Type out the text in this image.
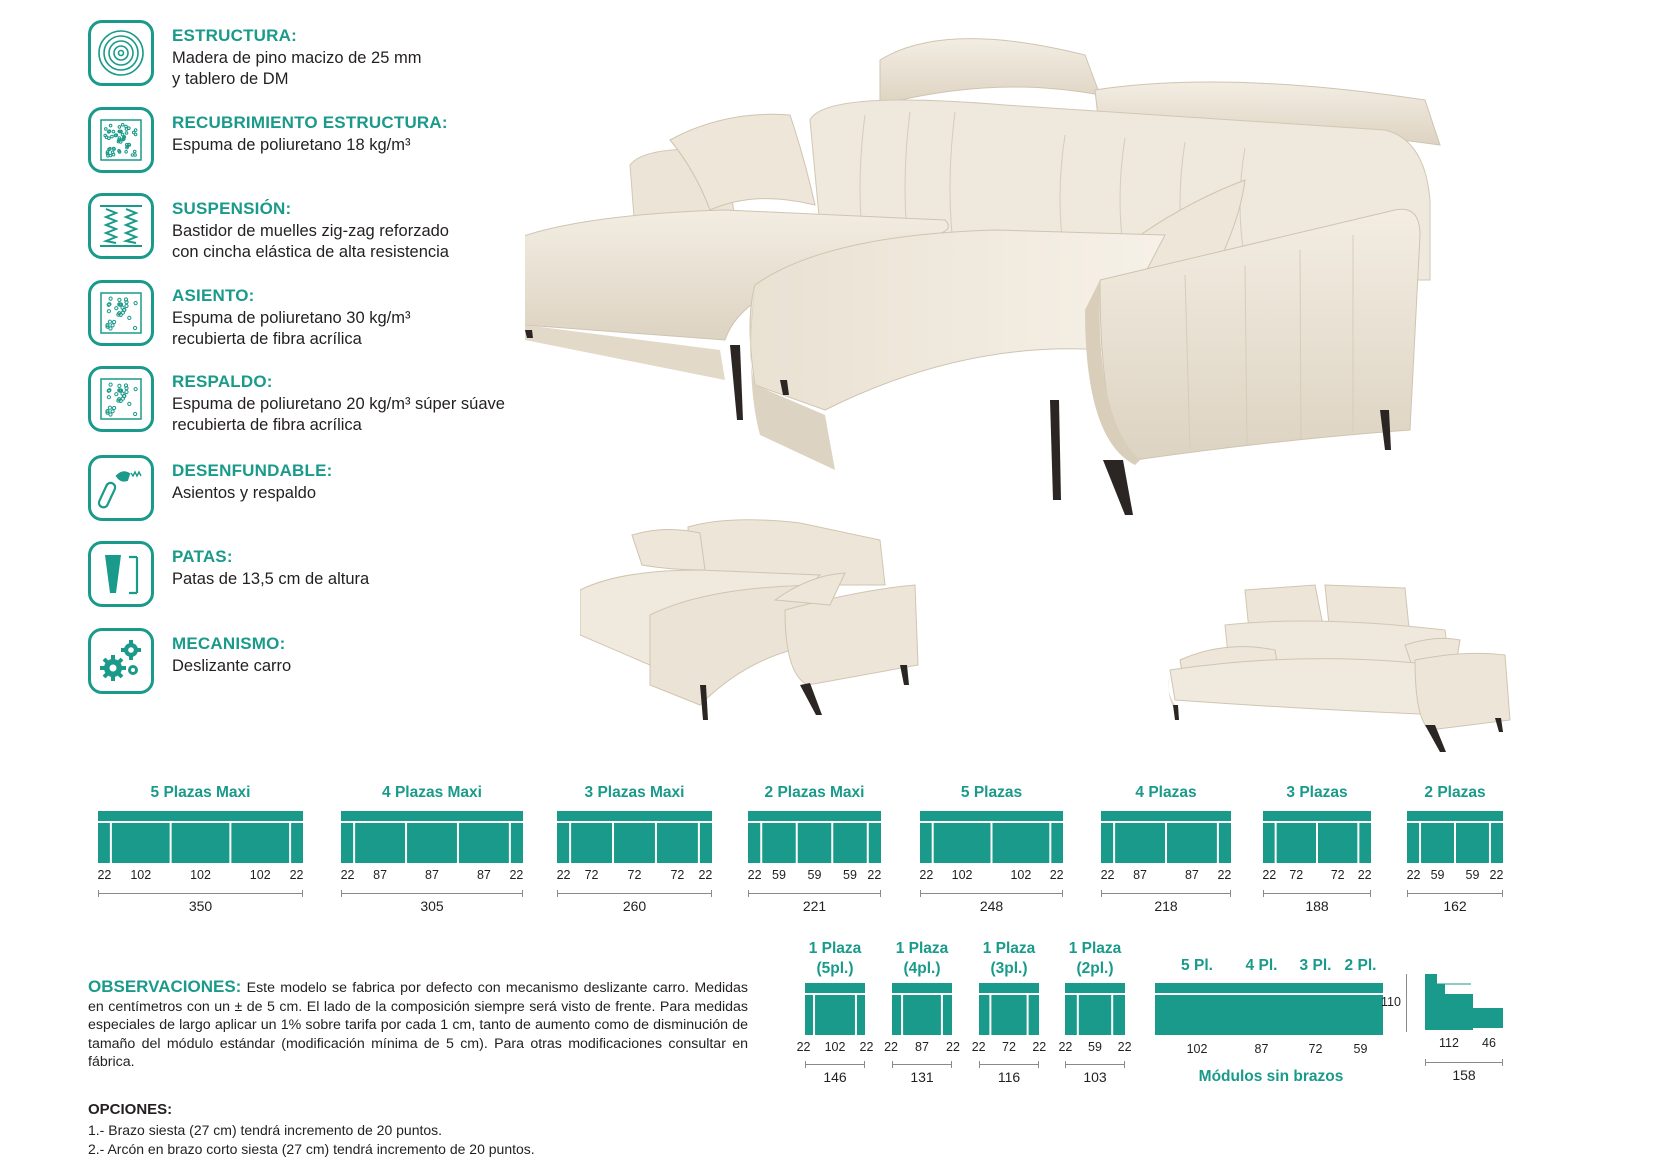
ESTRUCTURA:
Madera de pino macizo de 25 mm
y tablero de DM
RECUBRIMIENTO ESTRUCTURA:
Espuma de poliuretano 18 kg/m³
SUSPENSIÓN:
Bastidor de muelles zig-zag reforzado
con cincha elástica de alta resistencia
ASIENTO:
Espuma de poliuretano 30 kg/m³
recubierta de fibra acrílica
RESPALDO:
Espuma de poliuretano 20 kg/m³ súper súave
recubierta de fibra acrílica
DESENFUNDABLE:
Asientos y respaldo
PATAS:
Patas de 13,5 cm de altura
MECANISMO:
Deslizante carro
5 Plazas Maxi
22 102	102	102 22
350
4 Plazas Maxi
22 87	87	87 22
305
3 Plazas Maxi
22 72 72 72 22
260
2 Plazas Maxi
22 59 59 59 22
221
5 Plazas
22 102	102 22
248
4 Plazas
22 87	87 22
218
3 Plazas
22 72 72 22
188
2 Plazas
22 59 59 22
162
1 Plaza
(5pl.)
22 102 22
146
1 Plaza
(4pl.)
22 87 22
131
1 Plaza
(3pl.)
22 72 22
116
1 Plaza
(2pl.)
22 59 22
103
5 Pl.
102
4 Pl.
87
3 Pl.
72
2 Pl.
59
Módulos sin brazos
110
112 46
158
OBSERVACIONES: Este modelo se fabrica por defecto con mecanismo deslizante carro. Medidas en centímetros con un ± de 5 cm. El lado de la composición siempre será visto de frente. Para medidas especiales de largo aplicar un 1% sobre tarifa por cada 1 cm, tanto de aumento como de disminución de tamaño del módulo estándar (modificación mínima de 5 cm). Para otras modificaciones consultar en fábrica.
OPCIONES:
1.- Brazo siesta (27 cm) tendrá incremento de 20 puntos.
2.- Arcón en brazo corto siesta (27 cm) tendrá incremento de 20 puntos.
